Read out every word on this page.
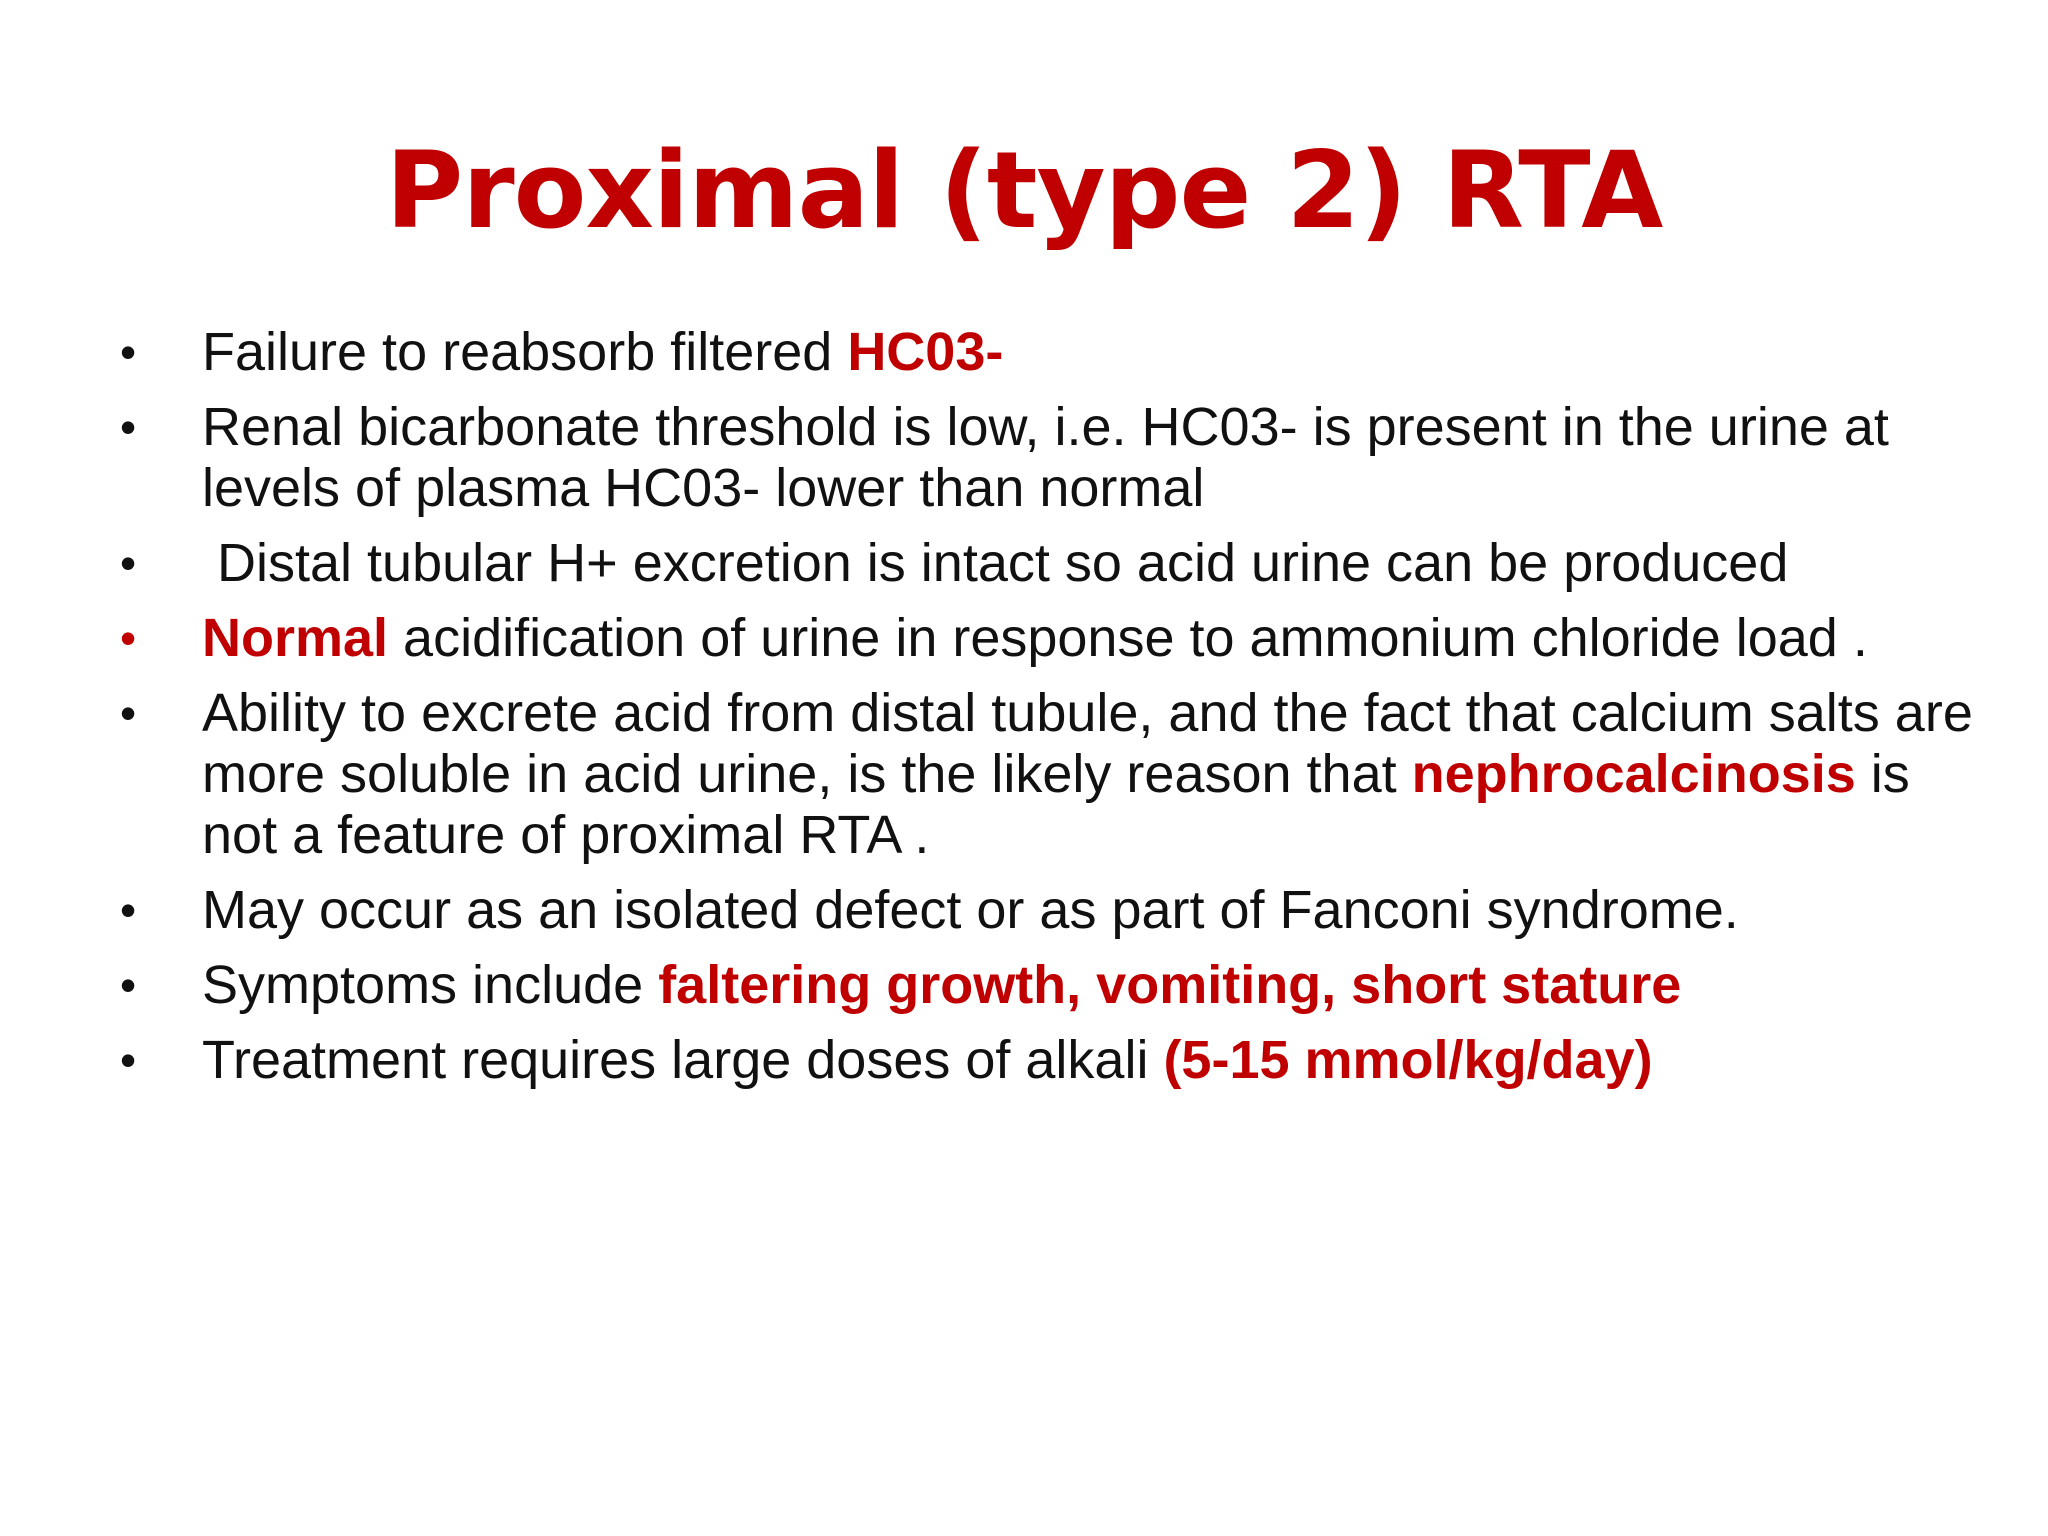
Proximal (type 2) RTA
•	Failure to reabsorb filtered HC03-
•	Renal bicarbonate threshold is low, i.e. HC03- is present in the urine at levels of plasma HC03- lower than normal
•	Distal tubular H+ excretion is intact so acid urine can be produced
•	Normal acidification of urine in response to ammonium chloride load .
•	Ability to excrete acid from distal tubule, and the fact that calcium salts are more soluble in acid urine, is the likely reason that nephrocalcinosis is not a feature of proximal RTA .
•	May occur as an isolated defect or as part of Fanconi syndrome.
•	Symptoms include faltering growth, vomiting, short stature
•	Treatment requires large doses of alkali (5-15 mmol/kg/day)
